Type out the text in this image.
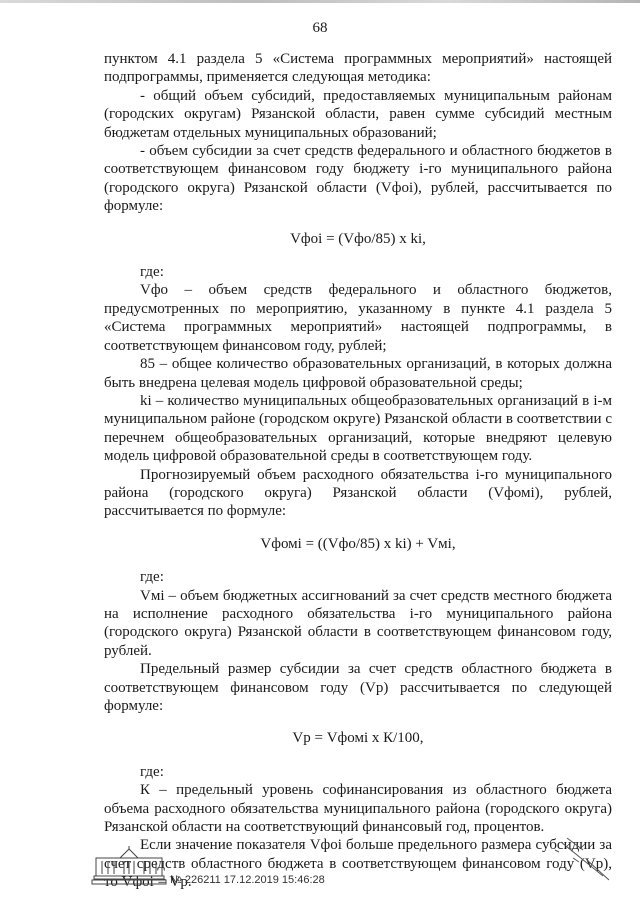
68

пунктом 4.1 раздела 5 «Система программных мероприятий» настоящей подпрограммы, применяется следующая методика:

- общий объем субсидий, предоставляемых муниципальным районам (городских округам) Рязанской области, равен сумме субсидий местным бюджетам отдельных муниципальных образований;

- объем субсидии за счет средств федерального и областного бюджетов в соответствующем финансовом году бюджету i-го муниципального района (городского округа) Рязанской области (Vфоi), рублей, рассчитывается по формуле:

Vфоi = (Vфо/85) х ki,

где:

Vфо – объем средств федерального и областного бюджетов, предусмотренных по мероприятию, указанному в пункте 4.1 раздела 5 «Система программных мероприятий» настоящей подпрограммы, в соответствующем финансовом году, рублей;

85 – общее количество образовательных организаций, в которых должна быть внедрена целевая модель цифровой образовательной среды;

ki – количество муниципальных общеобразовательных организаций в i-м муниципальном районе (городском округе) Рязанской области в соответствии с перечнем общеобразовательных организаций, которые внедряют целевую модель цифровой образовательной среды в соответствующем году.

Прогнозируемый объем расходного обязательства i-го муниципального района (городского округа) Рязанской области (Vфомi), рублей, рассчитывается по формуле:

Vфомi = ((Vфо/85) х ki) + Vмi,

где:

Vмi – объем бюджетных ассигнований за счет средств местного бюджета на исполнение расходного обязательства i-го муниципального района (городского округа) Рязанской области в соответствующем финансовом году, рублей.

Предельный размер субсидии за счет средств областного бюджета в соответствующем финансовом году (Vр) рассчитывается по следующей формуле:

Vр = Vфомi х К/100,

где:

К – предельный уровень софинансирования из областного бюджета объема расходного обязательства муниципального района (городского округа) Рязанской области на соответствующий финансовый год, процентов.

Если значение показателя Vфоi больше предельного размера субсидии за счет средств областного бюджета в соответствующем финансовом году (Vр), то Vфоi = Vр.

№ 226211 17.12.2019 15:46:28
